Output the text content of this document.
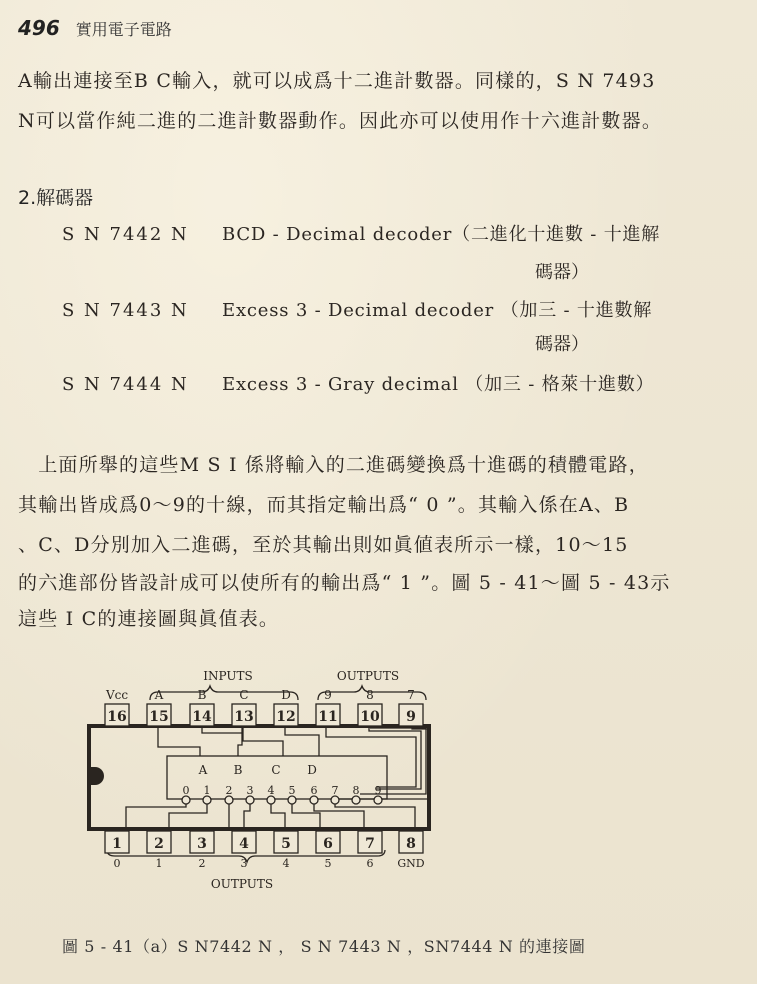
496 實用電子電路
A輸出連接至B C輸入，就可以成爲十二進計數器。同樣的，S N 7493
N可以當作純二進的二進計數器動作。因此亦可以使用作十六進計數器。
2.解碼器
S N 7442 N BCD - Decimal decoder（二進化十進數 - 十進解
碼器）
S N 7443 N Excess 3 - Decimal decoder （加三 - 十進數解
碼器）
S N 7444 N Excess 3 - Gray decimal （加三 - 格萊十進數）
　上面所舉的這些M S I 係將輸入的二進碼變換爲十進碼的積體電路，
其輸出皆成爲0～9的十線，而其指定輸出爲“ 0 ”。其輸入係在A、B
、C、D分別加入二進碼，至於其輸出則如眞値表所示一樣，10～15
的六進部份皆設計成可以使所有的輸出爲“ 1 ”。圖 5 - 41～圖 5 - 43示
這些 I C的連接圖與眞值表。
INPUTS	OUTPUTS
Vcc A	B	C	D	9	8	7
16 15 14 13 12 11 10 9
1 2 3 4 5 6 7 8
0	1	2	3	4	5	6 GND
OUTPUTS
A B C D
0 1 2 3 4 5 6 7 8 9
圖 5 - 41（a）S N7442 N ， S N 7443 N ，SN7444 N 的連接圖
